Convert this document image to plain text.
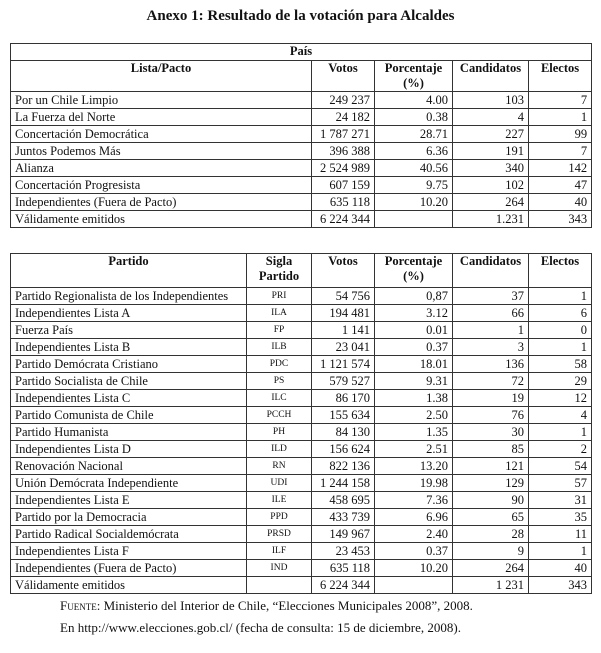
Anexo 1: Resultado de la votación para Alcaldes
País				
Lista/Pacto	Votos	Porcentaje (%)	Candidatos	Electos
Por un Chile Limpio	249 237	4.00	103	7
La Fuerza del Norte	24 182	0.38	4	1
Concertación Democrática	1 787 271	28.71	227	99
Juntos Podemos Más	396 388	6.36	191	7
Alianza	2 524 989	40.56	340	142
Concertación Progresista	607 159	9.75	102	47
Independientes (Fuera de Pacto)	635 118	10.20	264	40
Válidamente emitidos	6 224 344		1.231	343
Partido	Sigla Partido	Votos	Porcentaje (%)	Candidatos	Electos
Partido Regionalista de los Independientes	PRI	54 756	0,87	37	1
Independientes Lista A	ILA	194 481	3.12	66	6
Fuerza País	FP	1 141	0.01	1	0
Independientes Lista B	ILB	23 041	0.37	3	1
Partido Demócrata Cristiano	PDC	1 121 574	18.01	136	58
Partido Socialista de Chile	PS	579 527	9.31	72	29
Independientes Lista C	ILC	86 170	1.38	19	12
Partido Comunista de Chile	PCCH	155 634	2.50	76	4
Partido Humanista	PH	84 130	1.35	30	1
Independientes Lista D	ILD	156 624	2.51	85	2
Renovación Nacional	RN	822 136	13.20	121	54
Unión Demócrata Independiente	UDI	1 244 158	19.98	129	57
Independientes Lista E	ILE	458 695	7.36	90	31
Partido por la Democracia	PPD	433 739	6.96	65	35
Partido Radical Socialdemócrata	PRSD	149 967	2.40	28	11
Independientes Lista F	ILF	23 453	0.37	9	1
Independientes (Fuera de Pacto)	IND	635 118	10.20	264	40
Válidamente emitidos		6 224 344		1 231	343
Fuente: Ministerio del Interior de Chile, “Elecciones Municipales 2008”, 2008.
En http://www.elecciones.gob.cl/ (fecha de consulta: 15 de diciembre, 2008).
